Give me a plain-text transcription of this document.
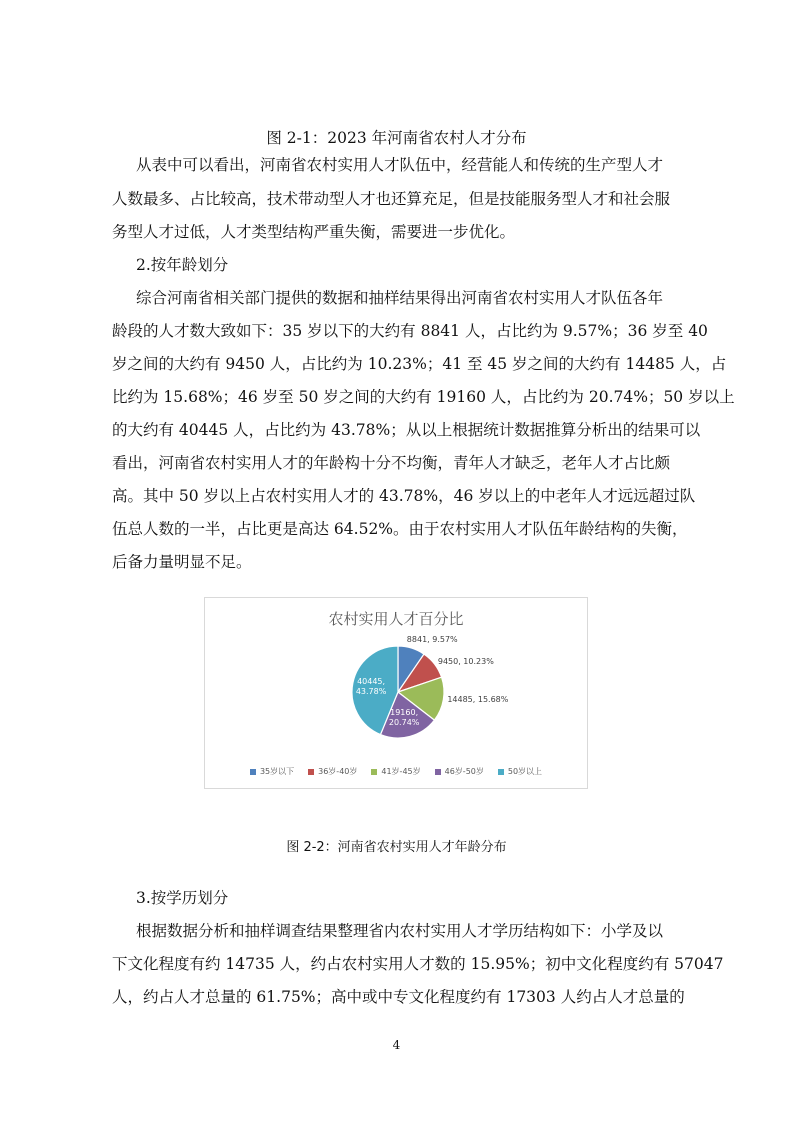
图 2-1：2023 年河南省农村人才分布
从表中可以看出，河南省农村实用人才队伍中，经营能人和传统的生产型人才
人数最多、占比较高，技术带动型人才也还算充足，但是技能服务型人才和社会服
务型人才过低，人才类型结构严重失衡，需要进一步优化。
2.按年龄划分
综合河南省相关部门提供的数据和抽样结果得出河南省农村实用人才队伍各年
龄段的人才数大致如下：35 岁以下的大约有 8841 人，占比约为 9.57%；36 岁至 40
岁之间的大约有 9450 人，占比约为 10.23%；41 至 45 岁之间的大约有 14485 人，占
比约为 15.68%；46 岁至 50 岁之间的大约有 19160 人，占比约为 20.74%；50 岁以上
的大约有 40445 人，占比约为 43.78%；从以上根据统计数据推算分析出的结果可以
看出，河南省农村实用人才的年龄构十分不均衡，青年人才缺乏，老年人才占比颇
高。其中 50 岁以上占农村实用人才的 43.78%，46 岁以上的中老年人才远远超过队
伍总人数的一半，占比更是高达 64.52%。由于农村实用人才队伍年龄结构的失衡，
后备力量明显不足。
农村实用人才百分比
35岁以下	36岁-40岁	41岁-45岁	46岁-50岁	50岁以上
8841, 9.57%
9450, 10.23%
14485, 15.68%
19160,
20.74%
40445,
43.78%
图 2-2：河南省农村实用人才年龄分布
3.按学历划分
根据数据分析和抽样调查结果整理省内农村实用人才学历结构如下：小学及以
下文化程度有约 14735 人，约占农村实用人才数的 15.95%；初中文化程度约有 57047
人，约占人才总量的 61.75%；高中或中专文化程度约有 17303 人约占人才总量的
4
